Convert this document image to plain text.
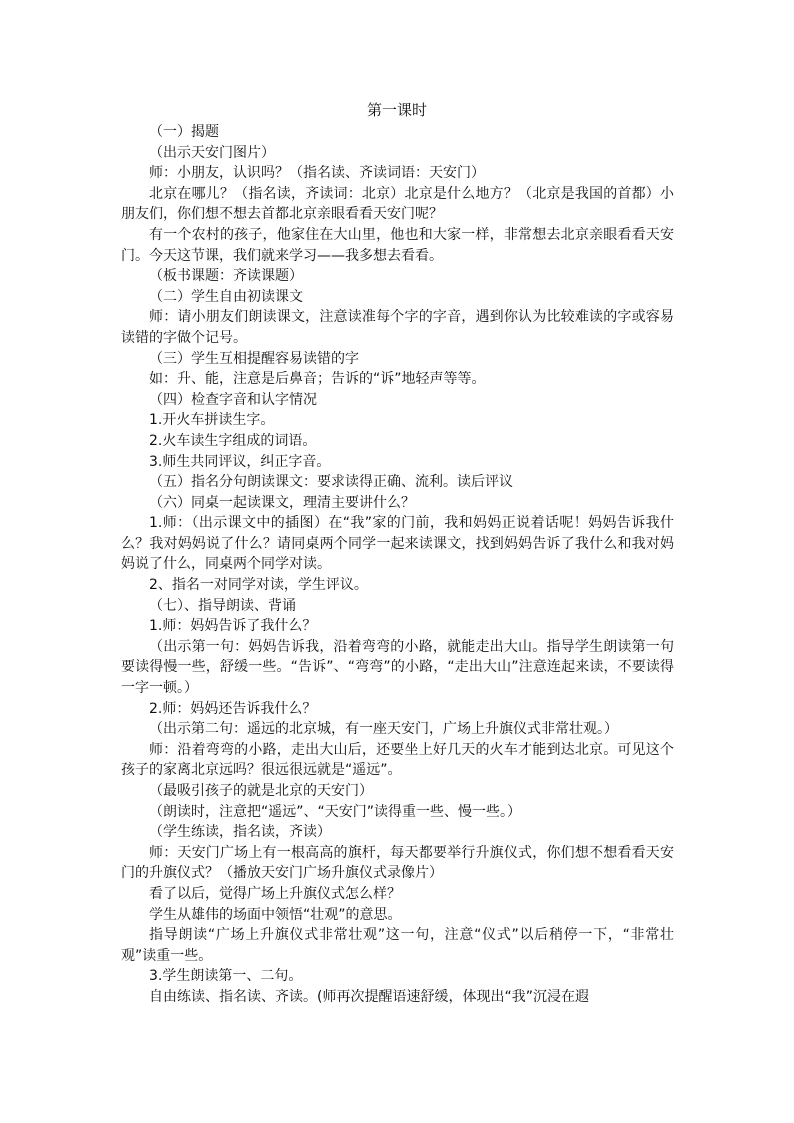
第一课时

（一）揭题

（出示天安门图片）

师：小朋友，认识吗？（指名读、齐读词语：天安门）

北京在哪儿？（指名读，齐读词：北京）北京是什么地方？（北京是我国的首都）小朋友们，你们想不想去首都北京亲眼看看天安门呢？

有一个农村的孩子，他家住在大山里，他也和大家一样，非常想去北京亲眼看看天安门。今天这节课，我们就来学习——我多想去看看。

（板书课题：齐读课题）

（二）学生自由初读课文

师：请小朋友们朗读课文，注意读准每个字的字音，遇到你认为比较难读的字或容易读错的字做个记号。

（三）学生互相提醒容易读错的字

如：升、能，注意是后鼻音；告诉的“诉”地轻声等等。

（四）检查字音和认字情况

1.开火车拼读生字。

2.火车读生字组成的词语。

3.师生共同评议，纠正字音。

（五）指名分句朗读课文：要求读得正确、流利。读后评议

（六）同桌一起读课文，理清主要讲什么？

1.师：（出示课文中的插图）在“我”家的门前，我和妈妈正说着话呢！妈妈告诉我什么？我对妈妈说了什么？请同桌两个同学一起来读课文，找到妈妈告诉了我什么和我对妈妈说了什么，同桌两个同学对读。

2、指名一对同学对读，学生评议。

（七）、指导朗读、背诵

1.师：妈妈告诉了我什么？

（出示第一句：妈妈告诉我，沿着弯弯的小路，就能走出大山。指导学生朗读第一句要读得慢一些，舒缓一些。“告诉”、“弯弯”的小路，“走出大山”注意连起来读，不要读得一字一顿。）

2.师：妈妈还告诉我什么？

（出示第二句：遥远的北京城，有一座天安门，广场上升旗仪式非常壮观。）

师：沿着弯弯的小路，走出大山后，还要坐上好几天的火车才能到达北京。可见这个孩子的家离北京远吗？很远很远就是“遥远”。

（最吸引孩子的就是北京的天安门）

（朗读时，注意把“遥远”、“天安门”读得重一些、慢一些。）

（学生练读，指名读，齐读）

师：天安门广场上有一根高高的旗杆，每天都要举行升旗仪式，你们想不想看看天安门的升旗仪式？（播放天安门广场升旗仪式录像片）

看了以后，觉得广场上升旗仪式怎么样？

学生从雄伟的场面中领悟“壮观”的意思。

指导朗读“广场上升旗仪式非常壮观”这一句，注意“仪式”以后稍停一下，“非常壮观”读重一些。

3.学生朗读第一、二句。

自由练读、指名读、齐读。(师再次提醒语速舒缓，体现出“我”沉浸在遐
